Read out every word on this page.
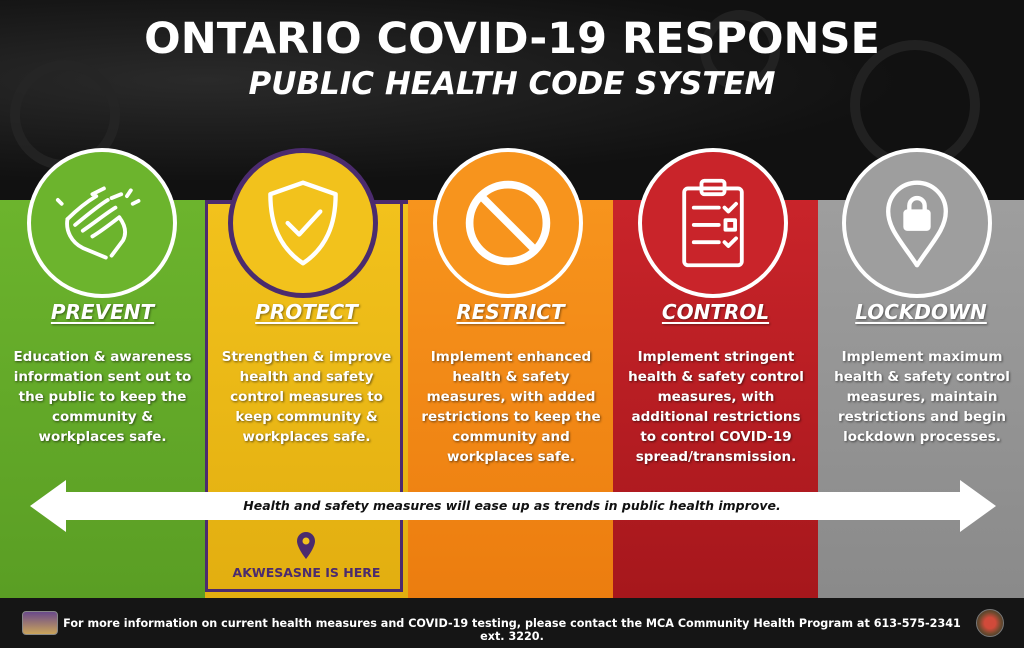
ONTARIO COVID-19 RESPONSE

PUBLIC HEALTH CODE SYSTEM

PREVENT	PROTECT	RESTRICT	CONTROL	LOCKDOWN
Education & awareness information sent out to the public to keep the community & workplaces safe.
Strengthen & improve health and safety control measures to keep community & workplaces safe.
Implement enhanced health & safety measures, with added restrictions to keep the community and workplaces safe.
Implement stringent health & safety control measures, with additional restrictions to control COVID-19 spread/transmission.
Implement maximum health & safety control measures, maintain restrictions and begin lockdown processes.
Health and safety measures will ease up as trends in public health improve.
AKWESASNE IS HERE
For more information on current health measures and COVID-19 testing, please contact the MCA Community Health Program at 613-575-2341 ext. 3220.
